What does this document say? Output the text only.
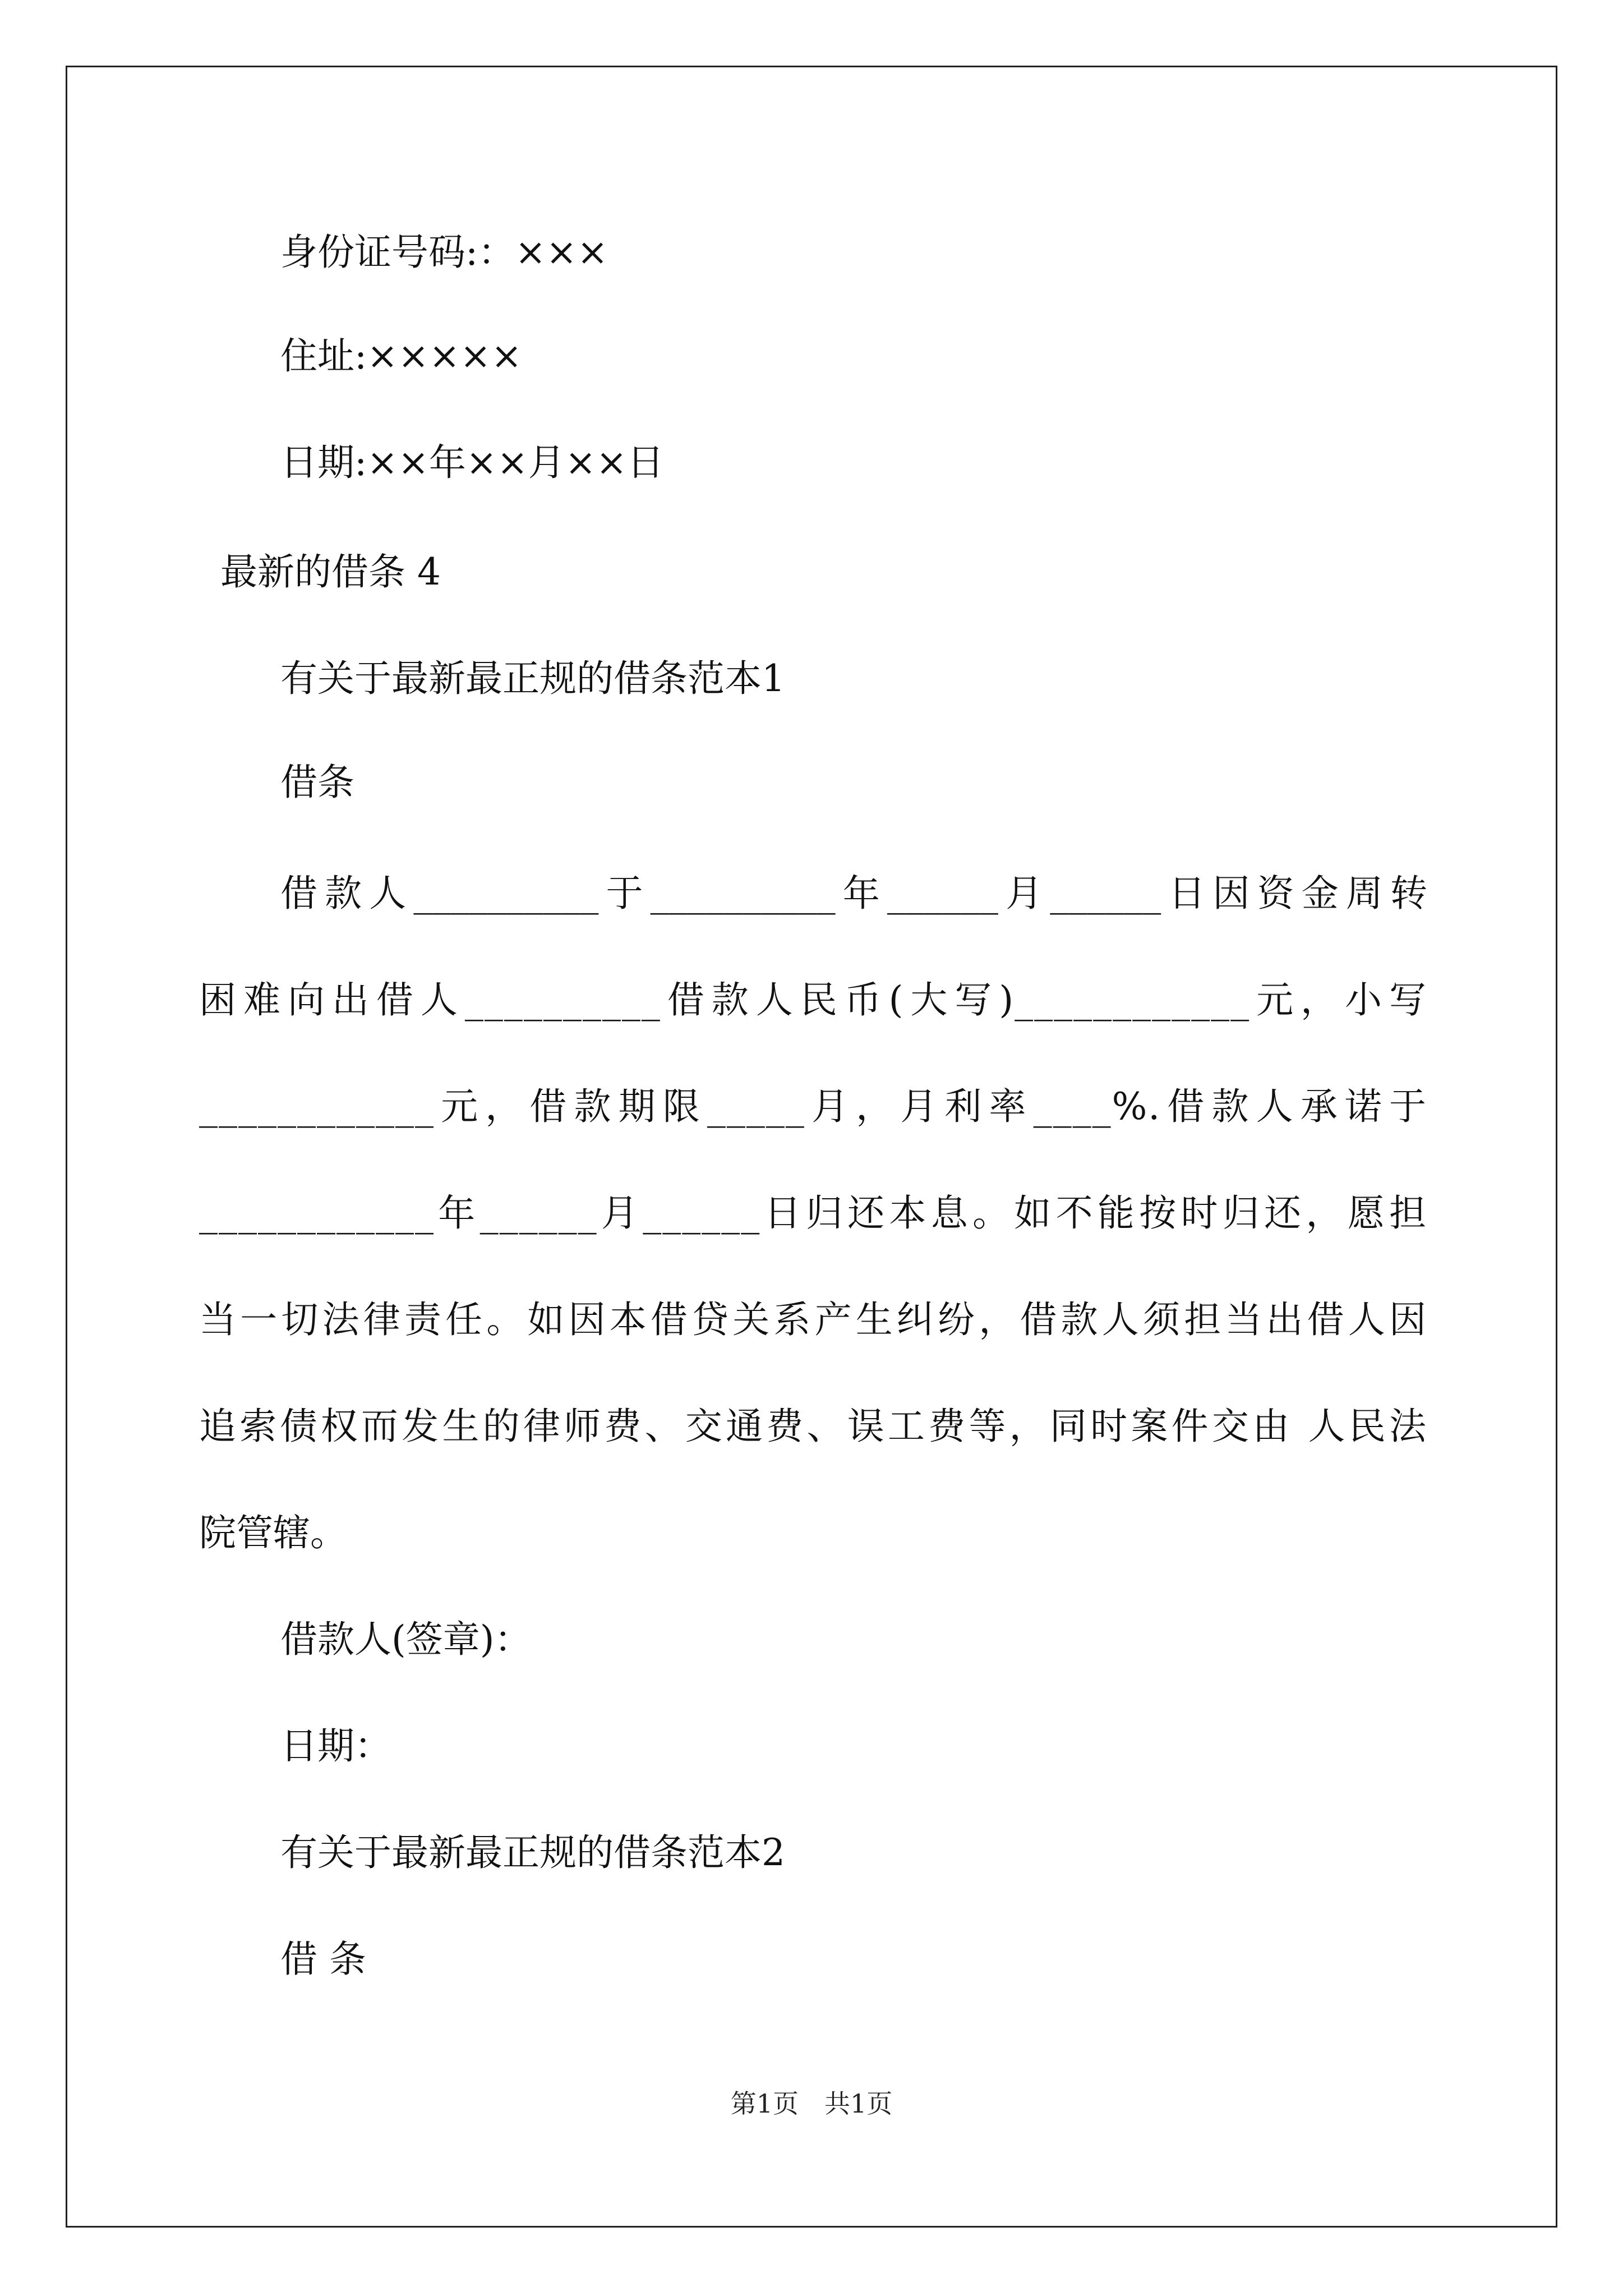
身份证号码:：×××
住址:×××××
日期:××年××月××日
最新的借条 4
有关于最新最正规的借条范本1
借条
借款人__________于__________年______月______日因资金周转
困难向出借人__________借款人民币(大写)____________元，小写
____________元，借款期限_____月，月利率____%.借款人承诺于
____________年______月______日归还本息。如不能按时归还，愿担
当一切法律责任。如因本借贷关系产生纠纷，借款人须担当出借人因
追索债权而发生的律师费、交通费、误工费等，同时案件交由 人民法
院管辖。
借款人(签章)：
日期：
有关于最新最正规的借条范本2
借 条
第1页　共1页
